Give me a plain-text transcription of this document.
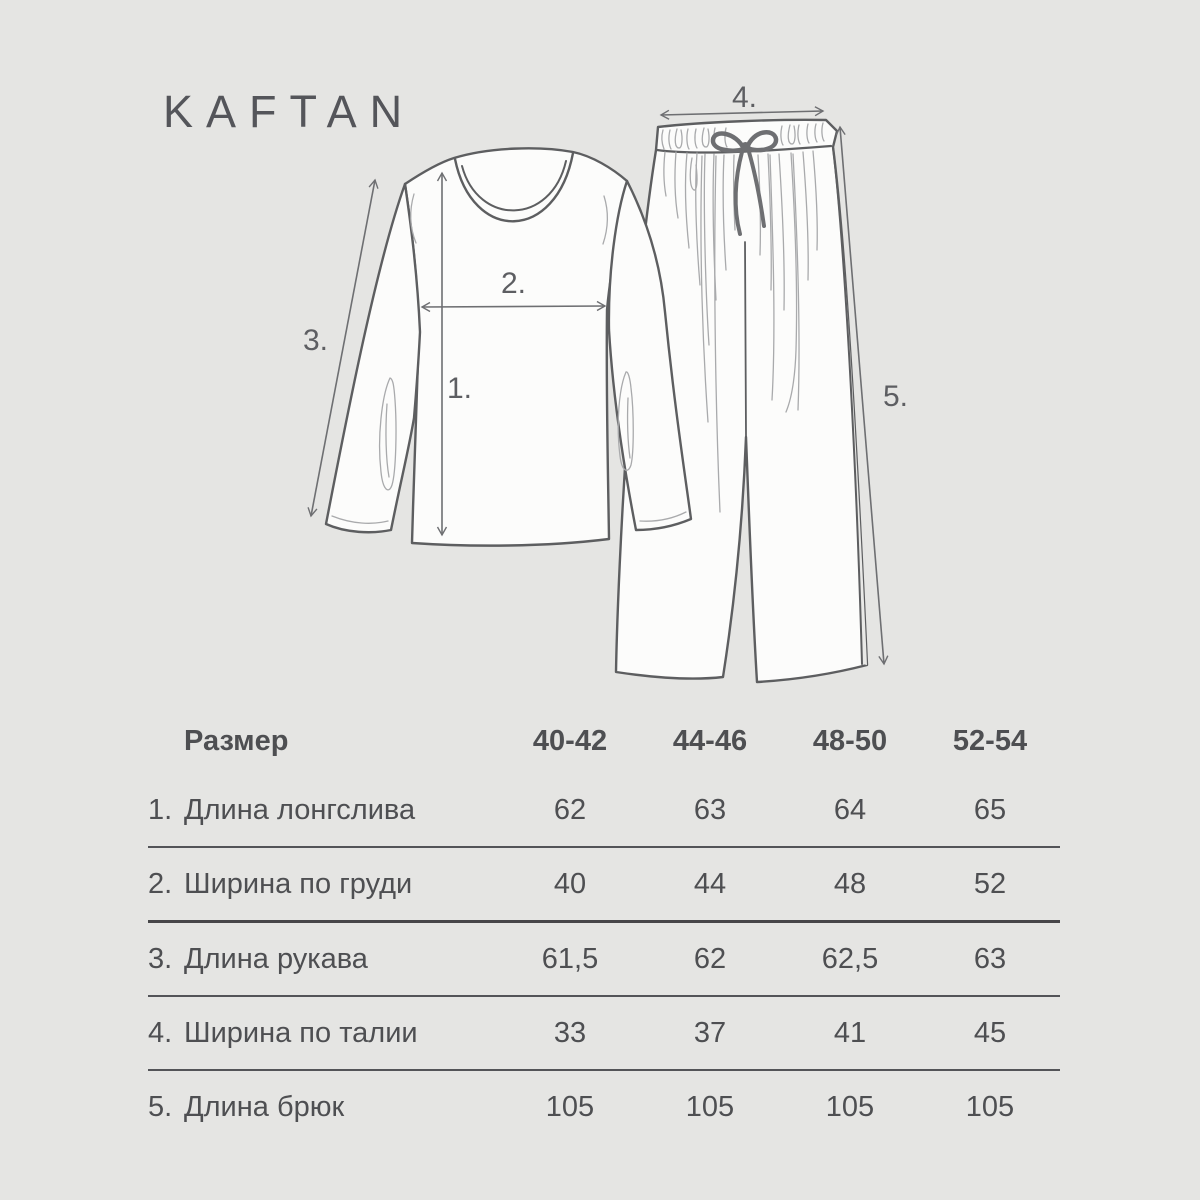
KAFTAN
1.
2.
3.
4.
5.
Размер	40-42	44-46	48-50	52-54
1. Длина лонгслива	62	63	64	65
2. Ширина по груди	40	44	48	52
3. Длина рукава	61,5	62	62,5	63
4. Ширина по талии	33	37	41	45
5. Длина брюк	105	105	105	105
